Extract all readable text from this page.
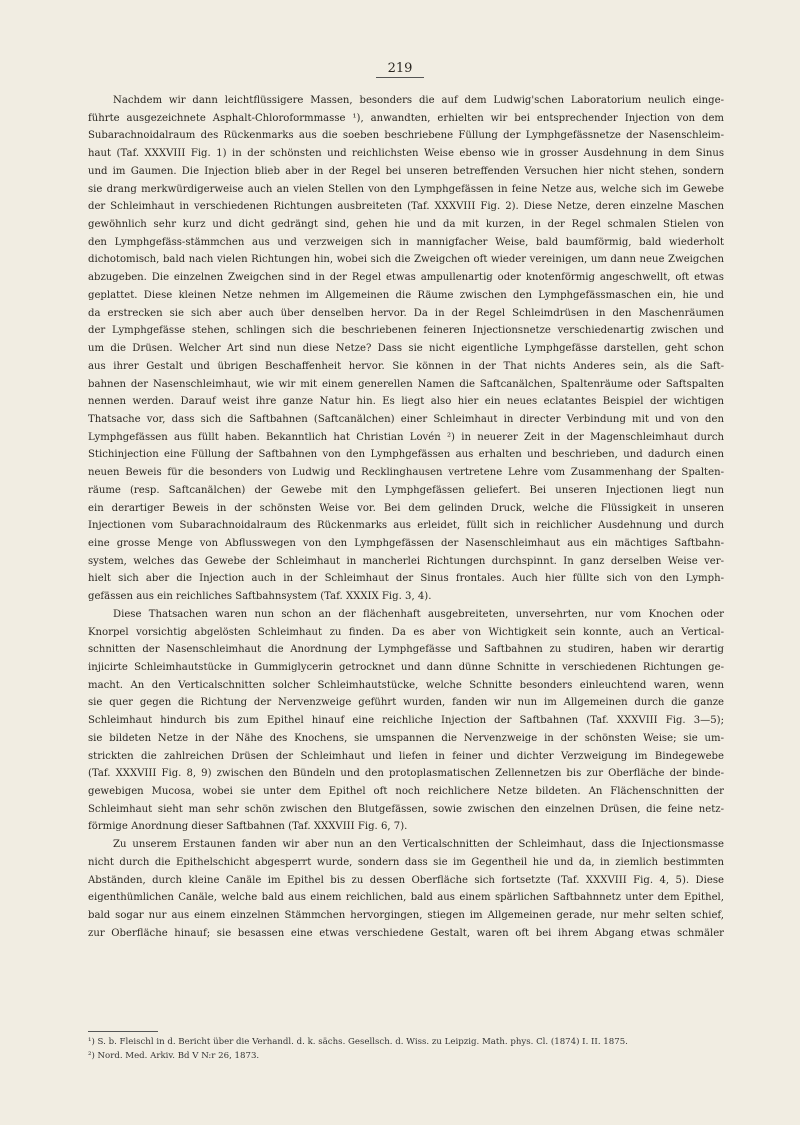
219
Nachdem wir dann leichtflüssigere Massen, besonders die auf dem Ludwig'schen Laboratorium neulich einge-
führte ausgezeichnete Asphalt-Chloroformmasse ¹), anwandten, erhielten wir bei entsprechender Injection von dem
Subarachnoidalraum des Rückenmarks aus die soeben beschriebene Füllung der Lymphgefässnetze der Nasenschleim-
haut (Taf. XXXVIII Fig. 1) in der schönsten und reichlichsten Weise ebenso wie in grosser Ausdehnung in dem Sinus
und im Gaumen. Die Injection blieb aber in der Regel bei unseren betreffenden Versuchen hier nicht stehen, sondern
sie drang merkwürdigerweise auch an vielen Stellen von den Lymphgefässen in feine Netze aus, welche sich im Gewebe
der Schleimhaut in verschiedenen Richtungen ausbreiteten (Taf. XXXVIII Fig. 2). Diese Netze, deren einzelne Maschen
gewöhnlich sehr kurz und dicht gedrängt sind, gehen hie und da mit kurzen, in der Regel schmalen Stielen von
den Lymphgefäss-stämmchen aus und verzweigen sich in mannigfacher Weise, bald baumförmig, bald wiederholt
dichotomisch, bald nach vielen Richtungen hin, wobei sich die Zweigchen oft wieder vereinigen, um dann neue Zweigchen
abzugeben. Die einzelnen Zweigchen sind in der Regel etwas ampullenartig oder knotenförmig angeschwellt, oft etwas
geplattet. Diese kleinen Netze nehmen im Allgemeinen die Räume zwischen den Lymphgefässmaschen ein, hie und
da erstrecken sie sich aber auch über denselben hervor. Da in der Regel Schleimdrüsen in den Maschenräumen
der Lymphgefässe stehen, schlingen sich die beschriebenen feineren Injectionsnetze verschiedenartig zwischen und
um die Drüsen. Welcher Art sind nun diese Netze? Dass sie nicht eigentliche Lymphgefässe darstellen, geht schon
aus ihrer Gestalt und übrigen Beschaffenheit hervor. Sie können in der That nichts Anderes sein, als die Saft-
bahnen der Nasenschleimhaut, wie wir mit einem generellen Namen die Saftcanälchen, Spaltenräume oder Saftspalten
nennen werden. Darauf weist ihre ganze Natur hin. Es liegt also hier ein neues eclatantes Beispiel der wichtigen
Thatsache vor, dass sich die Saftbahnen (Saftcanälchen) einer Schleimhaut in directer Verbindung mit und von den
Lymphgefässen aus füllt haben. Bekanntlich hat Christian Lovén ²) in neuerer Zeit in der Magenschleimhaut durch
Stichinjection eine Füllung der Saftbahnen von den Lymphgefässen aus erhalten und beschrieben, und dadurch einen
neuen Beweis für die besonders von Ludwig und Recklinghausen vertretene Lehre vom Zusammenhang der Spalten-
räume (resp. Saftcanälchen) der Gewebe mit den Lymphgefässen geliefert. Bei unseren Injectionen liegt nun
ein derartiger Beweis in der schönsten Weise vor. Bei dem gelinden Druck, welche die Flüssigkeit in unseren
Injectionen vom Subarachnoidalraum des Rückenmarks aus erleidet, füllt sich in reichlicher Ausdehnung und durch
eine grosse Menge von Abflusswegen von den Lymphgefässen der Nasenschleimhaut aus ein mächtiges Saftbahn-
system, welches das Gewebe der Schleimhaut in mancherlei Richtungen durchspinnt. In ganz derselben Weise ver-
hielt sich aber die Injection auch in der Schleimhaut der Sinus frontales. Auch hier füllte sich von den Lymph-
gefässen aus ein reichliches Saftbahnsystem (Taf. XXXIX Fig. 3, 4).
Diese Thatsachen waren nun schon an der flächenhaft ausgebreiteten, unversehrten, nur vom Knochen oder
Knorpel vorsichtig abgelösten Schleimhaut zu finden. Da es aber von Wichtigkeit sein konnte, auch an Vertical-
schnitten der Nasenschleimhaut die Anordnung der Lymphgefässe und Saftbahnen zu studiren, haben wir derartig
injicirte Schleimhautstücke in Gummiglycerin getrocknet und dann dünne Schnitte in verschiedenen Richtungen ge-
macht. An den Verticalschnitten solcher Schleimhautstücke, welche Schnitte besonders einleuchtend waren, wenn
sie quer gegen die Richtung der Nervenzweige geführt wurden, fanden wir nun im Allgemeinen durch die ganze
Schleimhaut hindurch bis zum Epithel hinauf eine reichliche Injection der Saftbahnen (Taf. XXXVIII Fig. 3—5);
sie bildeten Netze in der Nähe des Knochens, sie umspannen die Nervenzweige in der schönsten Weise; sie um-
strickten die zahlreichen Drüsen der Schleimhaut und liefen in feiner und dichter Verzweigung im Bindegewebe
(Taf. XXXVIII Fig. 8, 9) zwischen den Bündeln und den protoplasmatischen Zellennetzen bis zur Oberfläche der binde-
gewebigen Mucosa, wobei sie unter dem Epithel oft noch reichlichere Netze bildeten. An Flächenschnitten der
Schleimhaut sieht man sehr schön zwischen den Blutgefässen, sowie zwischen den einzelnen Drüsen, die feine netz-
förmige Anordnung dieser Saftbahnen (Taf. XXXVIII Fig. 6, 7).
Zu unserem Erstaunen fanden wir aber nun an den Verticalschnitten der Schleimhaut, dass die Injectionsmasse
nicht durch die Epithelschicht abgesperrt wurde, sondern dass sie im Gegentheil hie und da, in ziemlich bestimmten
Abständen, durch kleine Canäle im Epithel bis zu dessen Oberfläche sich fortsetzte (Taf. XXXVIII Fig. 4, 5). Diese
eigenthümlichen Canäle, welche bald aus einem reichlichen, bald aus einem spärlichen Saftbahnnetz unter dem Epithel,
bald sogar nur aus einem einzelnen Stämmchen hervorgingen, stiegen im Allgemeinen gerade, nur mehr selten schief,
zur Oberfläche hinauf; sie besassen eine etwas verschiedene Gestalt, waren oft bei ihrem Abgang etwas schmäler
¹) S. b. Fleischl in d. Bericht über die Verhandl. d. k. sächs. Gesellsch. d. Wiss. zu Leipzig. Math. phys. Cl. (1874) I. II. 1875.
²) Nord. Med. Arkiv. Bd V N:r 26, 1873.
